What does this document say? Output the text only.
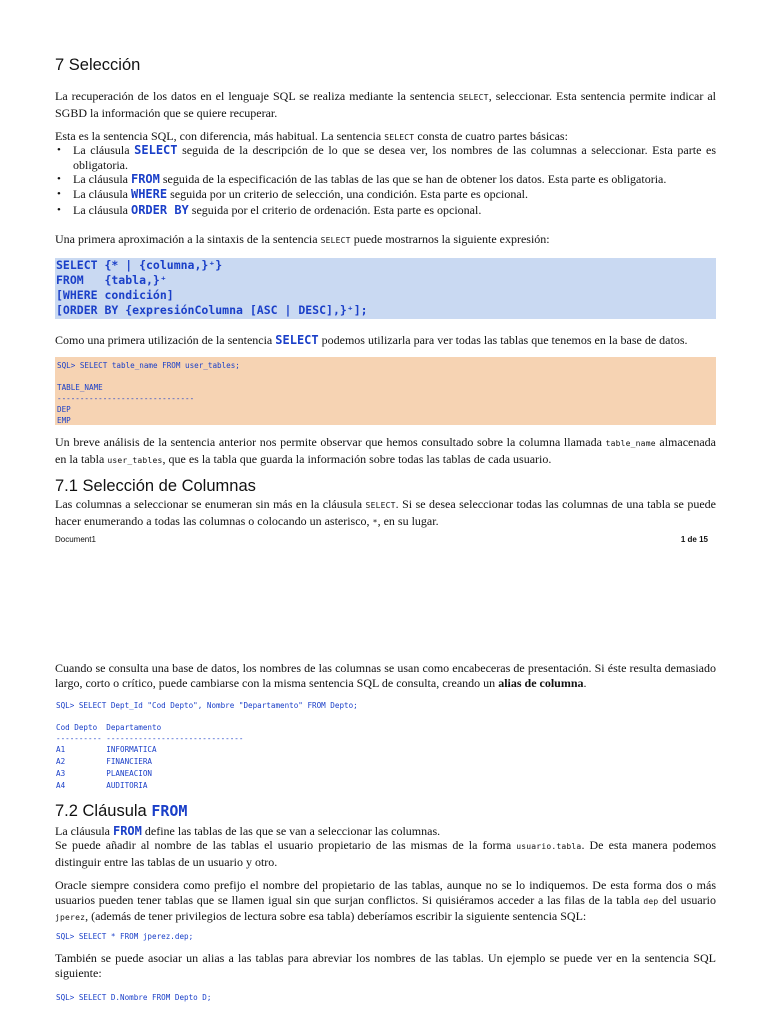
7 Selección

La recuperación de los datos en el lenguaje SQL se realiza mediante la sentencia SELECT, seleccionar. Esta sentencia permite indicar al SGBD la información que se quiere recuperar.

Esta es la sentencia SQL, con diferencia, más habitual. La sentencia SELECT consta de cuatro partes básicas:

• La cláusula SELECT seguida de la descripción de lo que se desea ver, los nombres de las columnas a seleccionar. Esta parte es obligatoria.
• La cláusula FROM seguida de la especificación de las tablas de las que se han de obtener los datos. Esta parte es obligatoria.
• La cláusula WHERE seguida por un criterio de selección, una condición. Esta parte es opcional.
• La cláusula ORDER BY seguida por el criterio de ordenación. Esta parte es opcional.

Una primera aproximación a la sintaxis de la sentencia SELECT puede mostrarnos la siguiente expresión:

SELECT {* | {columna,}⁺}
FROM   {tabla,}⁺
[WHERE condición]
[ORDER BY {expresiónColumna [ASC | DESC],}⁺];

Como una primera utilización de la sentencia SELECT podemos utilizarla para ver todas las tablas que tenemos en la base de datos.

SQL> SELECT table_name FROM user_tables;

TABLE_NAME
------------------------------
DEP
EMP

Un breve análisis de la sentencia anterior nos permite observar que hemos consultado sobre la columna llamada table_name almacenada en la tabla user_tables, que es la tabla que guarda la información sobre todas las tablas de cada usuario.

7.1 Selección de Columnas

Las columnas a seleccionar se enumeran sin más en la cláusula SELECT. Si se desea seleccionar todas las columnas de una tabla se puede hacer enumerando a todas las columnas o colocando un asterisco, *, en su lugar.

Document1	1 de 15

Cuando se consulta una base de datos, los nombres de las columnas se usan como encabeceras de presentación. Si éste resulta demasiado largo, corto o crítico, puede cambiarse con la misma sentencia SQL de consulta, creando un alias de columna.

SQL> SELECT Dept_Id "Cod Depto", Nombre "Departamento" FROM Depto;

Cod Depto  Departamento
---------- ------------------------------
A1         INFORMATICA
A2         FINANCIERA
A3         PLANEACION
A4         AUDITORIA
7.2 Cláusula FROM

La cláusula FROM define las tablas de las que se van a seleccionar las columnas.

Se puede añadir al nombre de las tablas el usuario propietario de las mismas de la forma usuario.tabla. De esta manera podemos distinguir entre las tablas de un usuario y otro.

Oracle siempre considera como prefijo el nombre del propietario de las tablas, aunque no se lo indiquemos. De esta forma dos o más usuarios pueden tener tablas que se llamen igual sin que surjan conflictos. Si quisiéramos acceder a las filas de la tabla dep del usuario jperez, (además de tener privilegios de lectura sobre esa tabla) deberíamos escribir la siguiente sentencia SQL:

SQL> SELECT * FROM jperez.dep;

También se puede asociar un alias a las tablas para abreviar los nombres de las tablas. Un ejemplo se puede ver en la sentencia SQL siguiente:

SQL> SELECT D.Nombre FROM Depto D;
